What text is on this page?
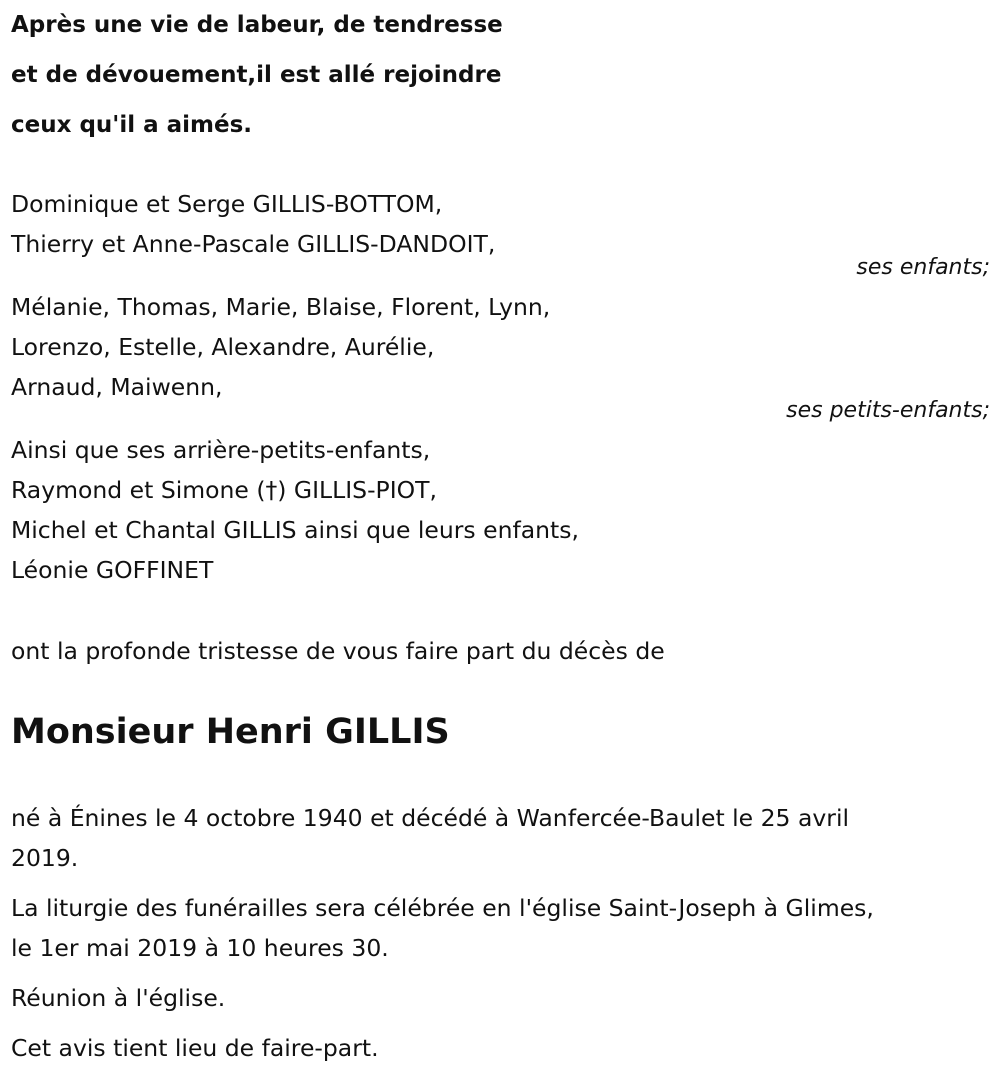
Après une vie de labeur, de tendresse

et de dévouement,il est allé rejoindre

ceux qu'il a aimés.

Dominique et Serge GILLIS-BOTTOM,

Thierry et Anne-Pascale GILLIS-DANDOIT,

ses enfants;

Mélanie, Thomas, Marie, Blaise, Florent, Lynn,

Lorenzo, Estelle, Alexandre, Aurélie,

Arnaud, Maiwenn,

ses petits-enfants;

Ainsi que ses arrière-petits-enfants,

Raymond et Simone (†) GILLIS-PIOT,

Michel et Chantal GILLIS ainsi que leurs enfants,

Léonie GOFFINET

ont la profonde tristesse de vous faire part du décès de

Monsieur Henri GILLIS

né à Énines le 4 octobre 1940 et décédé à Wanfercée-Baulet le 25 avril

2019.

La liturgie des funérailles sera célébrée en l'église Saint-Joseph à Glimes,

le 1er mai 2019 à 10 heures 30.

Réunion à l'église.

Cet avis tient lieu de faire-part.
